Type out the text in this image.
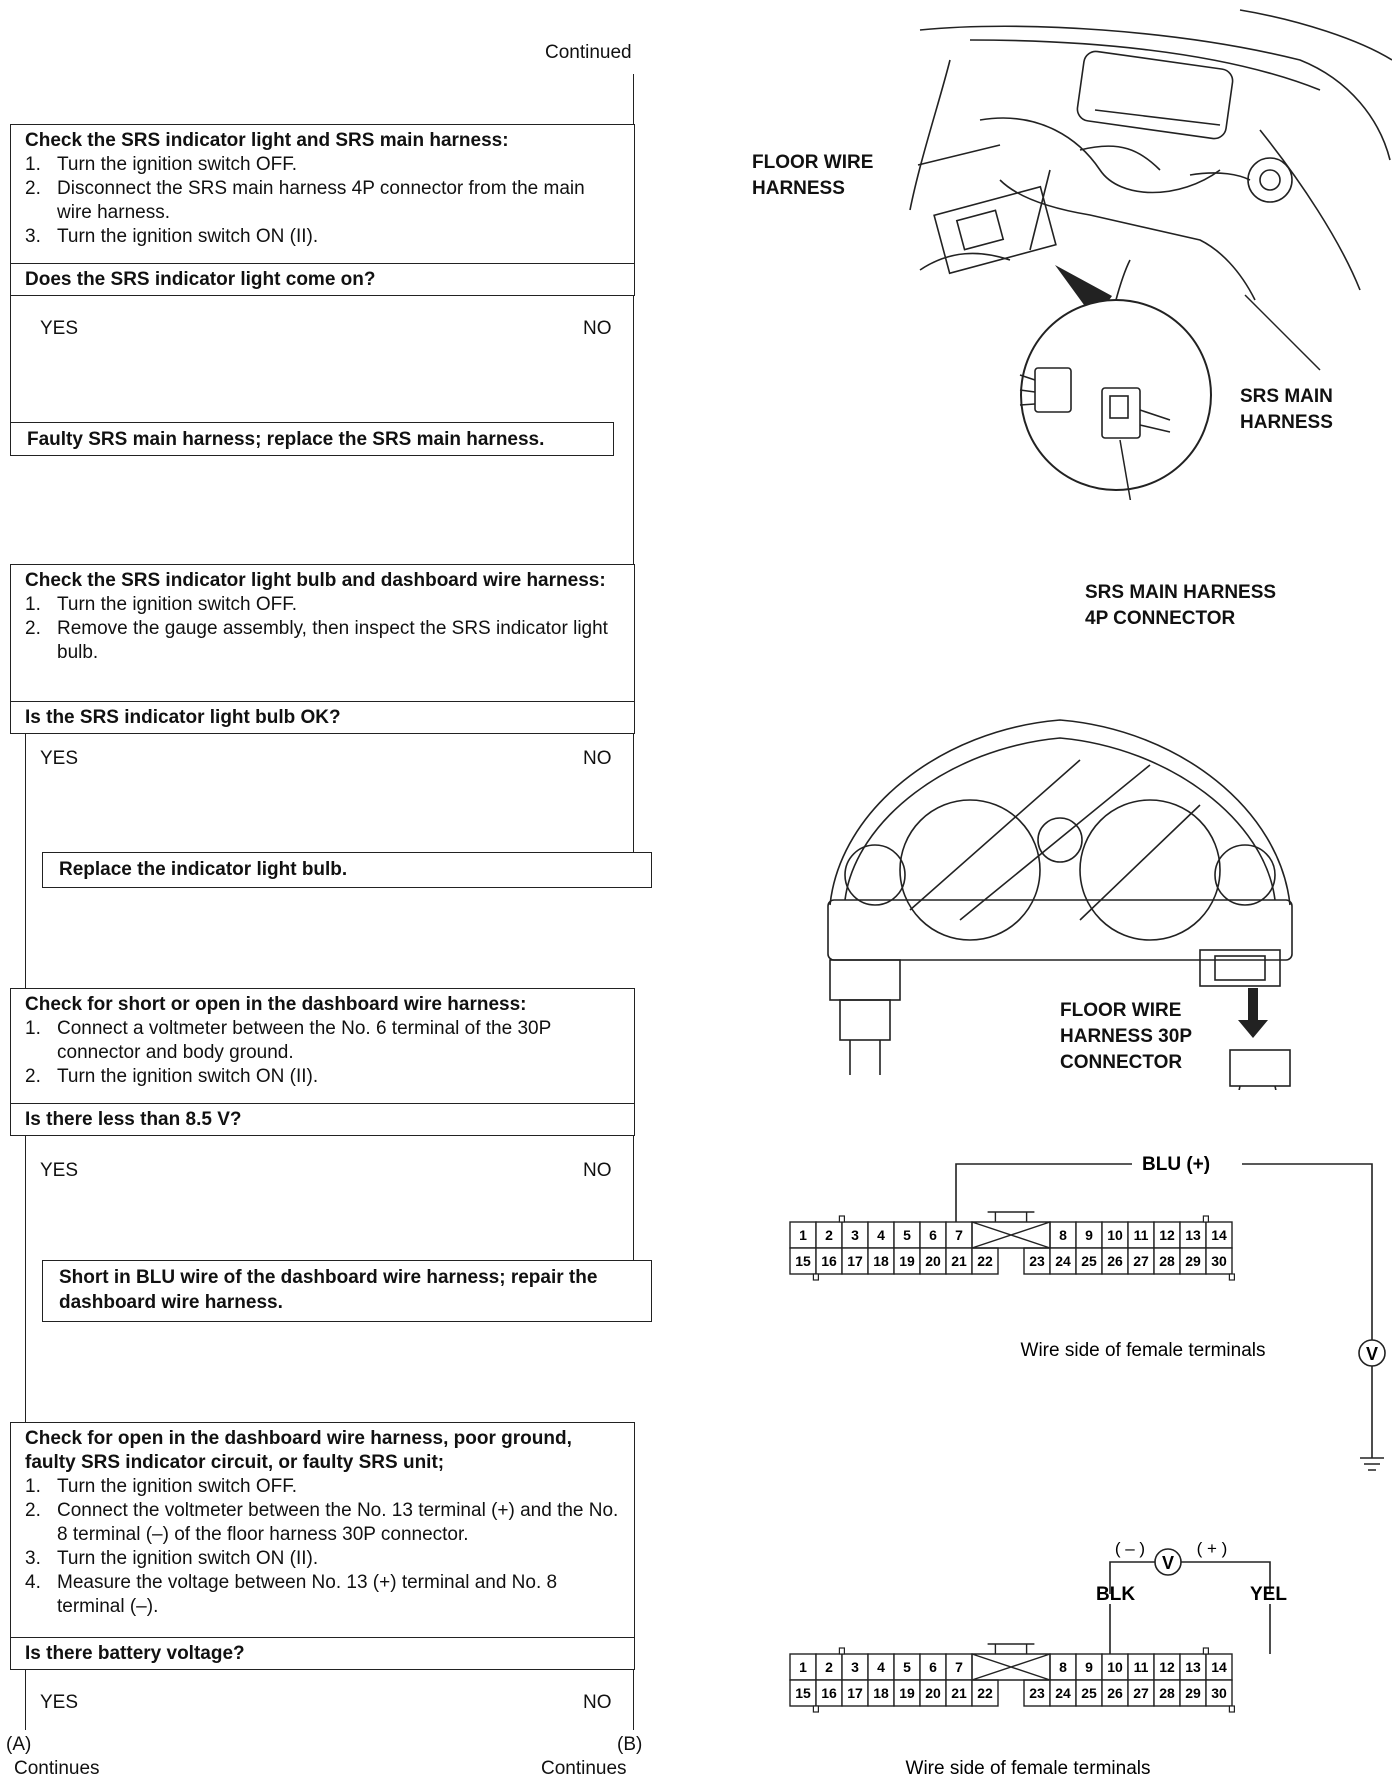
Continued
Check the SRS indicator light and SRS main harness:
1. Turn the ignition switch OFF.
2. Disconnect the SRS main harness 4P connector from the main wire harness.
3. Turn the ignition switch ON (II).
Does the SRS indicator light come on?
YES	NO
Faulty SRS main harness; replace the SRS main harness.
Check the SRS indicator light bulb and dashboard wire harness:
1. Turn the ignition switch OFF.
2. Remove the gauge assembly, then inspect the SRS indicator light bulb.
Is the SRS indicator light bulb OK?
YES	NO
Replace the indicator light bulb.
Check for short or open in the dashboard wire harness:
1. Connect a voltmeter between the No. 6 terminal of the 30P connector and body ground.
2. Turn the ignition switch ON (II).
Is there less than 8.5 V?
YES	NO
Short in BLU wire of the dashboard wire harness; repair the dashboard wire harness.
Check for open in the dashboard wire harness, poor ground, faulty SRS indicator circuit, or faulty SRS unit;
1. Turn the ignition switch OFF.
2. Connect the voltmeter between the No. 13 terminal (+) and the No. 8 terminal (–) of the floor harness 30P connector.
3. Turn the ignition switch ON (II).
4. Measure the voltage between No. 13 (+) terminal and No. 8 terminal (–).
Is there battery voltage?
YES	NO
(A)
Continues
(B)
Continues
FLOOR WIRE
HARNESS
SRS MAIN
HARNESS
SRS MAIN HARNESS
4P CONNECTOR
FLOOR WIRE
HARNESS 30P
CONNECTOR
V
BLU (+)
1 2 3 4 5 6 7	8 9 10 11 12 13 14
15 16 17 18 19 20 21 22	23 24 25 26 27 28 29 30
Wire side of female terminals
V
( – )	( + )
BLK	YEL
1 2 3 4 5 6 7	8 9 10 11 12 13 14
15 16 17 18 19 20 21 22	23 24 25 26 27 28 29 30
Wire side of female terminals
